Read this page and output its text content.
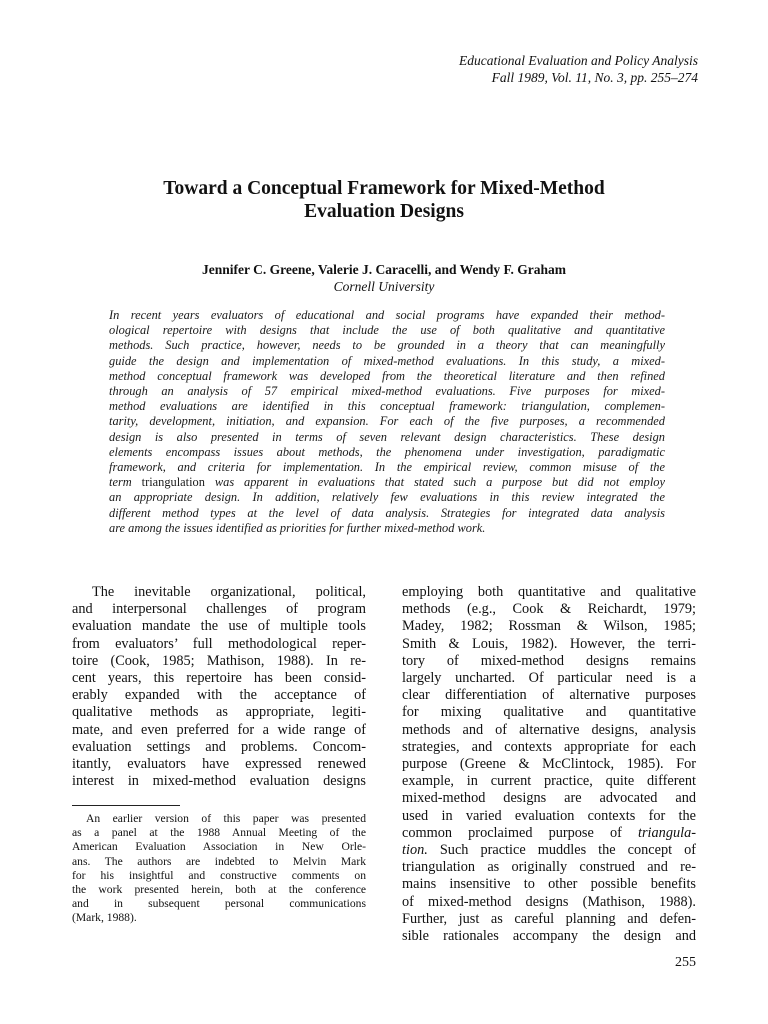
Educational Evaluation and Policy Analysis
Fall 1989, Vol. 11, No. 3, pp. 255–274
Toward a Conceptual Framework for Mixed-Method
Evaluation Designs
Jennifer C. Greene, Valerie J. Caracelli, and Wendy F. Graham
Cornell University
In recent years evaluators of educational and social programs have expanded their method-
ological repertoire with designs that include the use of both qualitative and quantitative
methods. Such practice, however, needs to be grounded in a theory that can meaningfully
guide the design and implementation of mixed-method evaluations. In this study, a mixed-
method conceptual framework was developed from the theoretical literature and then refined
through an analysis of 57 empirical mixed-method evaluations. Five purposes for mixed-
method evaluations are identified in this conceptual framework: triangulation, complemen-
tarity, development, initiation, and expansion. For each of the five purposes, a recommended
design is also presented in terms of seven relevant design characteristics. These design
elements encompass issues about methods, the phenomena under investigation, paradigmatic
framework, and criteria for implementation. In the empirical review, common misuse of the
term triangulation was apparent in evaluations that stated such a purpose but did not employ
an appropriate design. In addition, relatively few evaluations in this review integrated the
different method types at the level of data analysis. Strategies for integrated data analysis
are among the issues identified as priorities for further mixed-method work.
The inevitable organizational, political,
and interpersonal challenges of program
evaluation mandate the use of multiple tools
from evaluators’ full methodological reper-
toire (Cook, 1985; Mathison, 1988). In re-
cent years, this repertoire has been consid-
erably expanded with the acceptance of
qualitative methods as appropriate, legiti-
mate, and even preferred for a wide range of
evaluation settings and problems. Concom-
itantly, evaluators have expressed renewed
interest in mixed-method evaluation designs
An earlier version of this paper was presented
as a panel at the 1988 Annual Meeting of the
American Evaluation Association in New Orle-
ans. The authors are indebted to Melvin Mark
for his insightful and constructive comments on
the work presented herein, both at the conference
and in subsequent personal communications
(Mark, 1988).
employing both quantitative and qualitative
methods (e.g., Cook & Reichardt, 1979;
Madey, 1982; Rossman & Wilson, 1985;
Smith & Louis, 1982). However, the terri-
tory of mixed-method designs remains
largely uncharted. Of particular need is a
clear differentiation of alternative purposes
for mixing qualitative and quantitative
methods and of alternative designs, analysis
strategies, and contexts appropriate for each
purpose (Greene & McClintock, 1985). For
example, in current practice, quite different
mixed-method designs are advocated and
used in varied evaluation contexts for the
common proclaimed purpose of triangula-
tion. Such practice muddles the concept of
triangulation as originally construed and re-
mains insensitive to other possible benefits
of mixed-method designs (Mathison, 1988).
Further, just as careful planning and defen-
sible rationales accompany the design and
255
